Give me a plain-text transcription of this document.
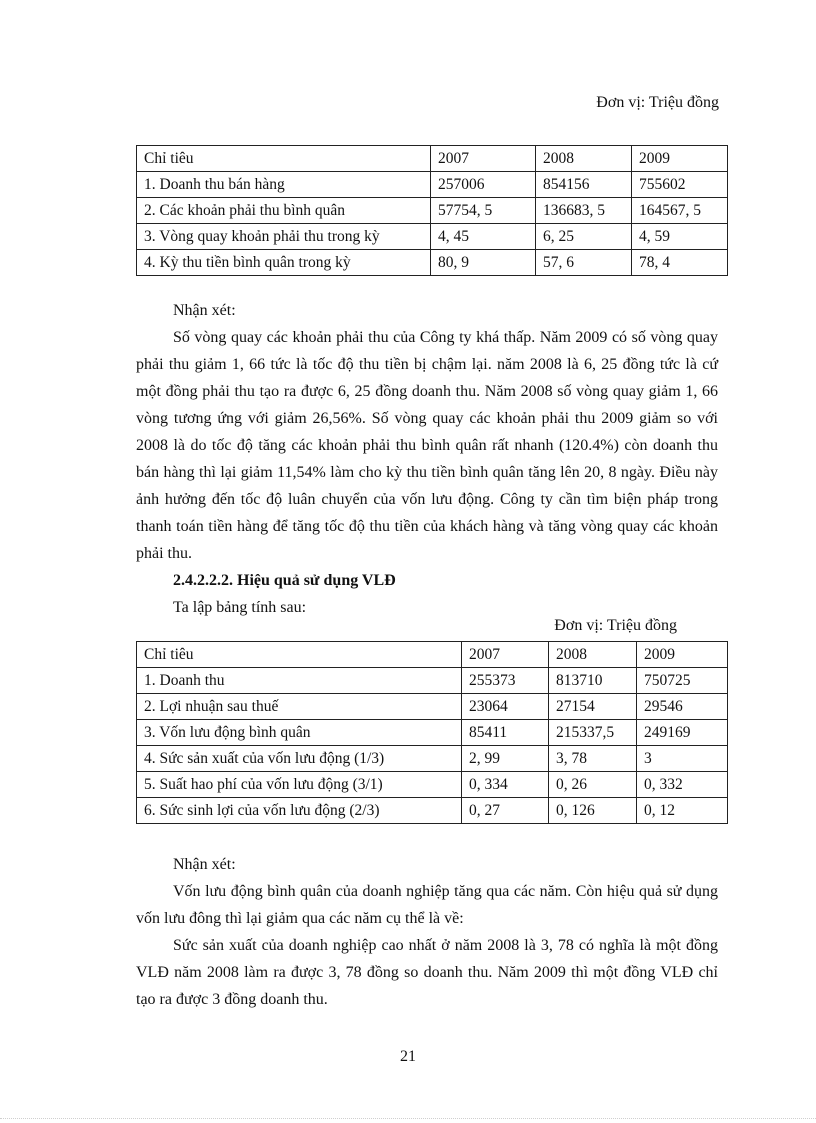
Đơn vị: Triệu đồng
Chỉ tiêu	2007	2008	2009
1. Doanh thu bán hàng	257006	854156	755602
2. Các khoản phải thu bình quân	57754, 5	136683, 5	164567, 5
3. Vòng quay khoản phải thu trong kỳ	4, 45	6, 25	4, 59
4. Kỳ thu tiền bình quân trong kỳ	80, 9	57, 6	78, 4

Nhận xét:

Số vòng quay các khoản phải thu của Công ty khá thấp. Năm 2009 có số vòng quay phải thu giảm 1, 66 tức là tốc độ thu tiền bị chậm lại. năm 2008 là 6, 25 đồng tức là cứ một đồng phải thu tạo ra được 6, 25 đồng doanh thu. Năm 2008 số vòng quay giảm 1, 66 vòng tương ứng với giảm 26,56%. Số vòng quay các khoản phải thu 2009 giảm so với 2008 là do tốc độ tăng các khoản phải thu bình quân rất nhanh (120.4%) còn doanh thu bán hàng thì lại giảm 11,54% làm cho kỳ thu tiền bình quân tăng lên 20, 8 ngày. Điều này ảnh hưởng đến tốc độ luân chuyển của vốn lưu động. Công ty cần tìm biện pháp trong thanh toán tiền hàng để tăng tốc độ thu tiền của khách hàng và tăng vòng quay các khoản phải thu.

2.4.2.2.2. Hiệu quả sử dụng VLĐ

Ta lập bảng tính sau:

Đơn vị: Triệu đồng
Chỉ tiêu	2007	2008	2009
1. Doanh thu	255373	813710	750725
2. Lợi nhuận sau thuế	23064	27154	29546
3. Vốn lưu động bình quân	85411	215337,5	249169
4. Sức sản xuất của vốn lưu động (1/3)	2, 99	3, 78	3
5. Suất hao phí của vốn lưu động (3/1)	0, 334	0, 26	0, 332
6. Sức sinh lợi của vốn lưu động (2/3)	0, 27	0, 126	0, 12

Nhận xét:

Vốn lưu động bình quân của doanh nghiệp tăng qua các năm. Còn hiệu quả sử dụng vốn lưu đông thì lại giảm qua các năm cụ thể là về:

Sức sản xuất của doanh nghiệp cao nhất ở năm 2008 là 3, 78 có nghĩa là một đồng VLĐ năm 2008 làm ra được 3, 78 đồng so doanh thu. Năm 2009 thì một đồng VLĐ chỉ tạo ra được 3 đồng doanh thu.

21
